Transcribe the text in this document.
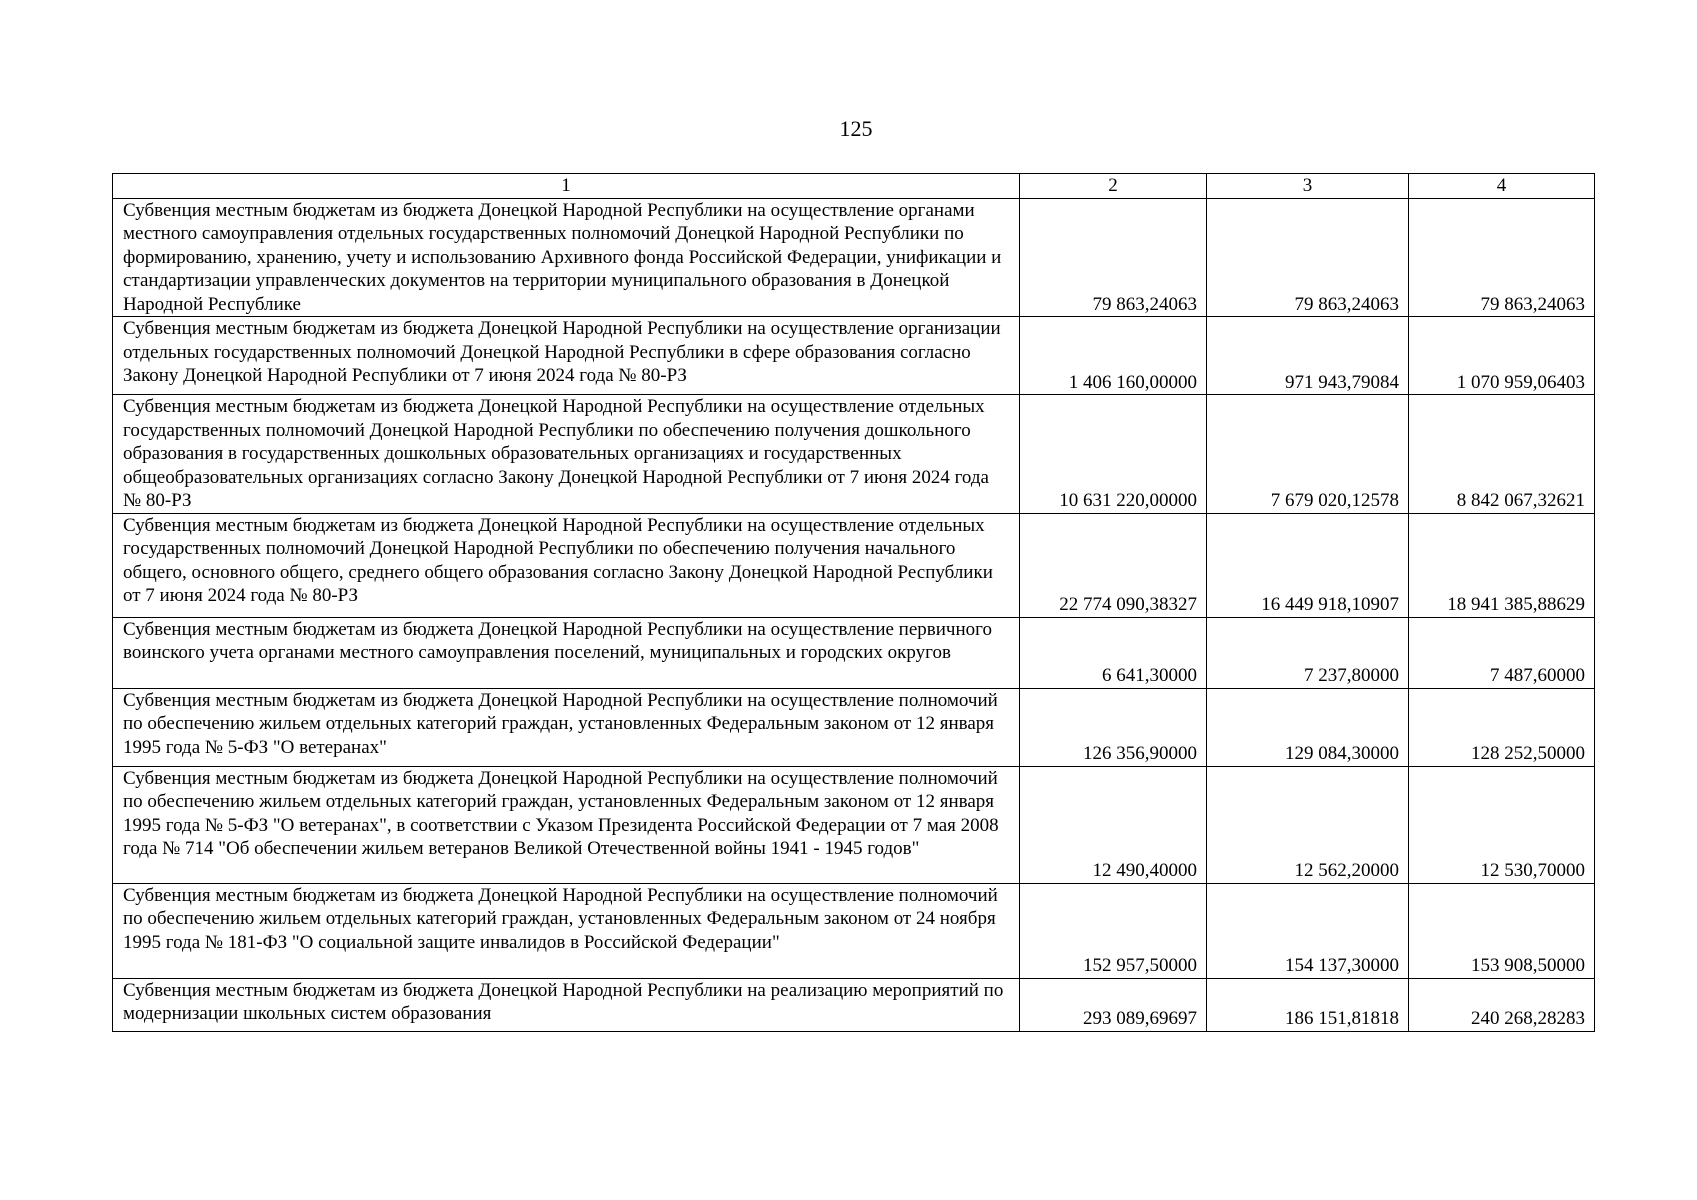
125
1	2	3	4
Субвенция местным бюджетам из бюджета Донецкой Народной Республики на осуществление органами местного самоуправления отдельных государственных полномочий Донецкой Народной Республики по формированию, хранению, учету и использованию Архивного фонда Российской Федерации, унификации и стандартизации управленческих документов на территории муниципального образования в Донецкой Народной Республике	79 863,24063	79 863,24063	79 863,24063
Субвенция местным бюджетам из бюджета Донецкой Народной Республики на осуществление организации отдельных государственных полномочий Донецкой Народной Республики в сфере образования согласно Закону Донецкой Народной Республики от 7 июня 2024 года № 80-РЗ	1 406 160,00000	971 943,79084	1 070 959,06403
Субвенция местным бюджетам из бюджета Донецкой Народной Республики на осуществление отдельных государственных полномочий Донецкой Народной Республики по обеспечению получения дошкольного образования в государственных дошкольных образовательных организациях и государственных общеобразовательных организациях согласно Закону Донецкой Народной Республики от 7 июня 2024 года № 80-РЗ	10 631 220,00000	7 679 020,12578	8 842 067,32621
Субвенция местным бюджетам из бюджета Донецкой Народной Республики на осуществление отдельных государственных полномочий Донецкой Народной Республики по обеспечению получения начального общего, основного общего, среднего общего образования согласно Закону Донецкой Народной Республики от 7 июня 2024 года № 80-РЗ	22 774 090,38327	16 449 918,10907	18 941 385,88629
Субвенция местным бюджетам из бюджета Донецкой Народной Республики на осуществление первичного воинского учета органами местного самоуправления поселений, муниципальных и городских округов	6 641,30000	7 237,80000	7 487,60000
Субвенция местным бюджетам из бюджета Донецкой Народной Республики на осуществление полномочий по обеспечению жильем отдельных категорий граждан, установленных Федеральным законом от 12 января 1995 года № 5-ФЗ "О ветеранах"	126 356,90000	129 084,30000	128 252,50000
Субвенция местным бюджетам из бюджета Донецкой Народной Республики на осуществление полномочий по обеспечению жильем отдельных категорий граждан, установленных Федеральным законом от 12 января 1995 года № 5-ФЗ "О ветеранах", в соответствии с Указом Президента Российской Федерации от 7 мая 2008 года № 714 "Об обеспечении жильем ветеранов Великой Отечественной войны 1941 - 1945 годов"	12 490,40000	12 562,20000	12 530,70000
Субвенция местным бюджетам из бюджета Донецкой Народной Республики на осуществление полномочий по обеспечению жильем отдельных категорий граждан, установленных Федеральным законом от 24 ноября 1995 года № 181-ФЗ "О социальной защите инвалидов в Российской Федерации"	152 957,50000	154 137,30000	153 908,50000
Субвенция местным бюджетам из бюджета Донецкой Народной Республики на реализацию мероприятий по модернизации школьных систем образования	293 089,69697	186 151,81818	240 268,28283
